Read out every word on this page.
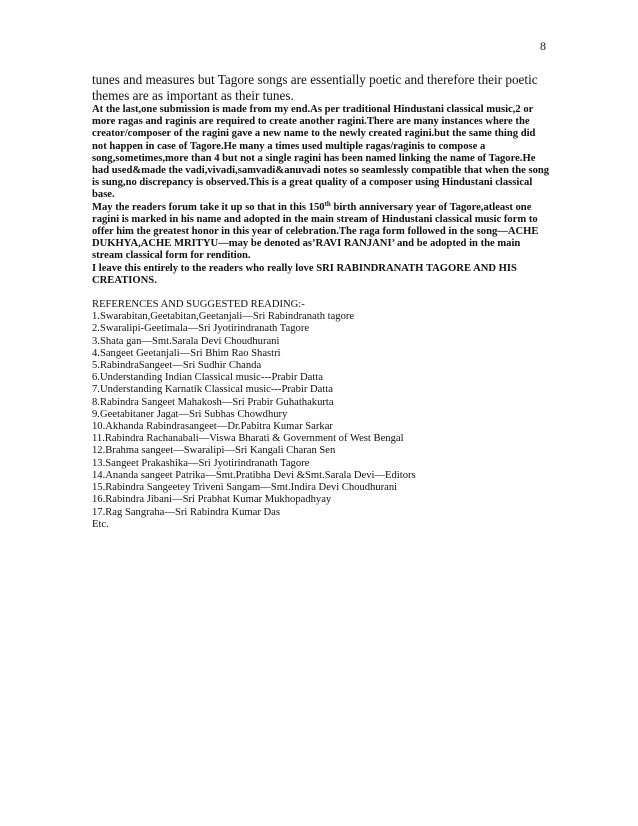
8

tunes and measures but Tagore songs are essentially poetic and therefore their poetic themes are as important as their tunes.

At the last,one submission is made from my end.As per traditional Hindustani classical music,2 or more ragas and raginis are required to create another ragini.There are many instances where the creator/composer of the ragini gave a new name to the newly created ragini.but the same thing did not happen in case of Tagore.He many a times used multiple ragas/raginis to compose a song,sometimes,more than 4 but not a single ragini has been named linking the name of Tagore.He had used&made the vadi,vivadi,samvadi&anuvadi notes so seamlessly compatible that when the song is sung,no discrepancy is observed.This is a great quality of a composer using Hindustani classical base.

May the readers forum take it up so that in this 150th birth anniversary year of Tagore,atleast one ragini is marked in his name and adopted in the main stream of Hindustani classical music form to offer him the greatest honor in this year of celebration.The raga form followed in the song—ACHE DUKHYA,ACHE MRITYU—may be denoted as’RAVI RANJANI’ and be adopted in the main stream classical form for rendition.

I leave this entirely to the readers who really love SRI RABINDRANATH TAGORE AND HIS CREATIONS.

REFERENCES AND SUGGESTED READING:-

1.Swarabitan,Geetabitan,Geetanjali—Sri Rabindranath tagore
2.Swaralipi-Geetimala—Sri Jyotirindranath Tagore
3.Shata gan—Smt.Sarala Devi Choudhurani
4.Sangeet Geetanjali—Sri Bhim Rao Shastri
5.RabindraSangeet—Sri Sudhir Chanda
6.Understanding Indian Classical music---Prabir Datta
7.Understanding Karnatik Classical music---Prabir Datta
8.Rabindra Sangeet Mahakosh—Sri Prabir Guhathakurta
9.Geetabitaner Jagat—Sri Subhas Chowdhury
10.Akhanda Rabindrasangeet—Dr.Pabitra Kumar Sarkar
11.Rabindra Rachanabali—Viswa Bharati & Government of West Bengal
12.Brahma sangeet—Swaralipi—Sri Kangali Charan Sen
13.Sangeet Prakashika—Sri Jyotirindranath Tagore
14.Ananda sangeet Patrika—Smt.Pratibha Devi &Smt.Sarala Devi—Editors
15.Rabindra Sangeetey Triveni Sangam—Smt.Indira Devi Choudhurani
16.Rabindra Jibani—Sri Prabhat Kumar Mukhopadhyay
17.Rag Sangraha—Sri Rabindra Kumar Das
Etc.
